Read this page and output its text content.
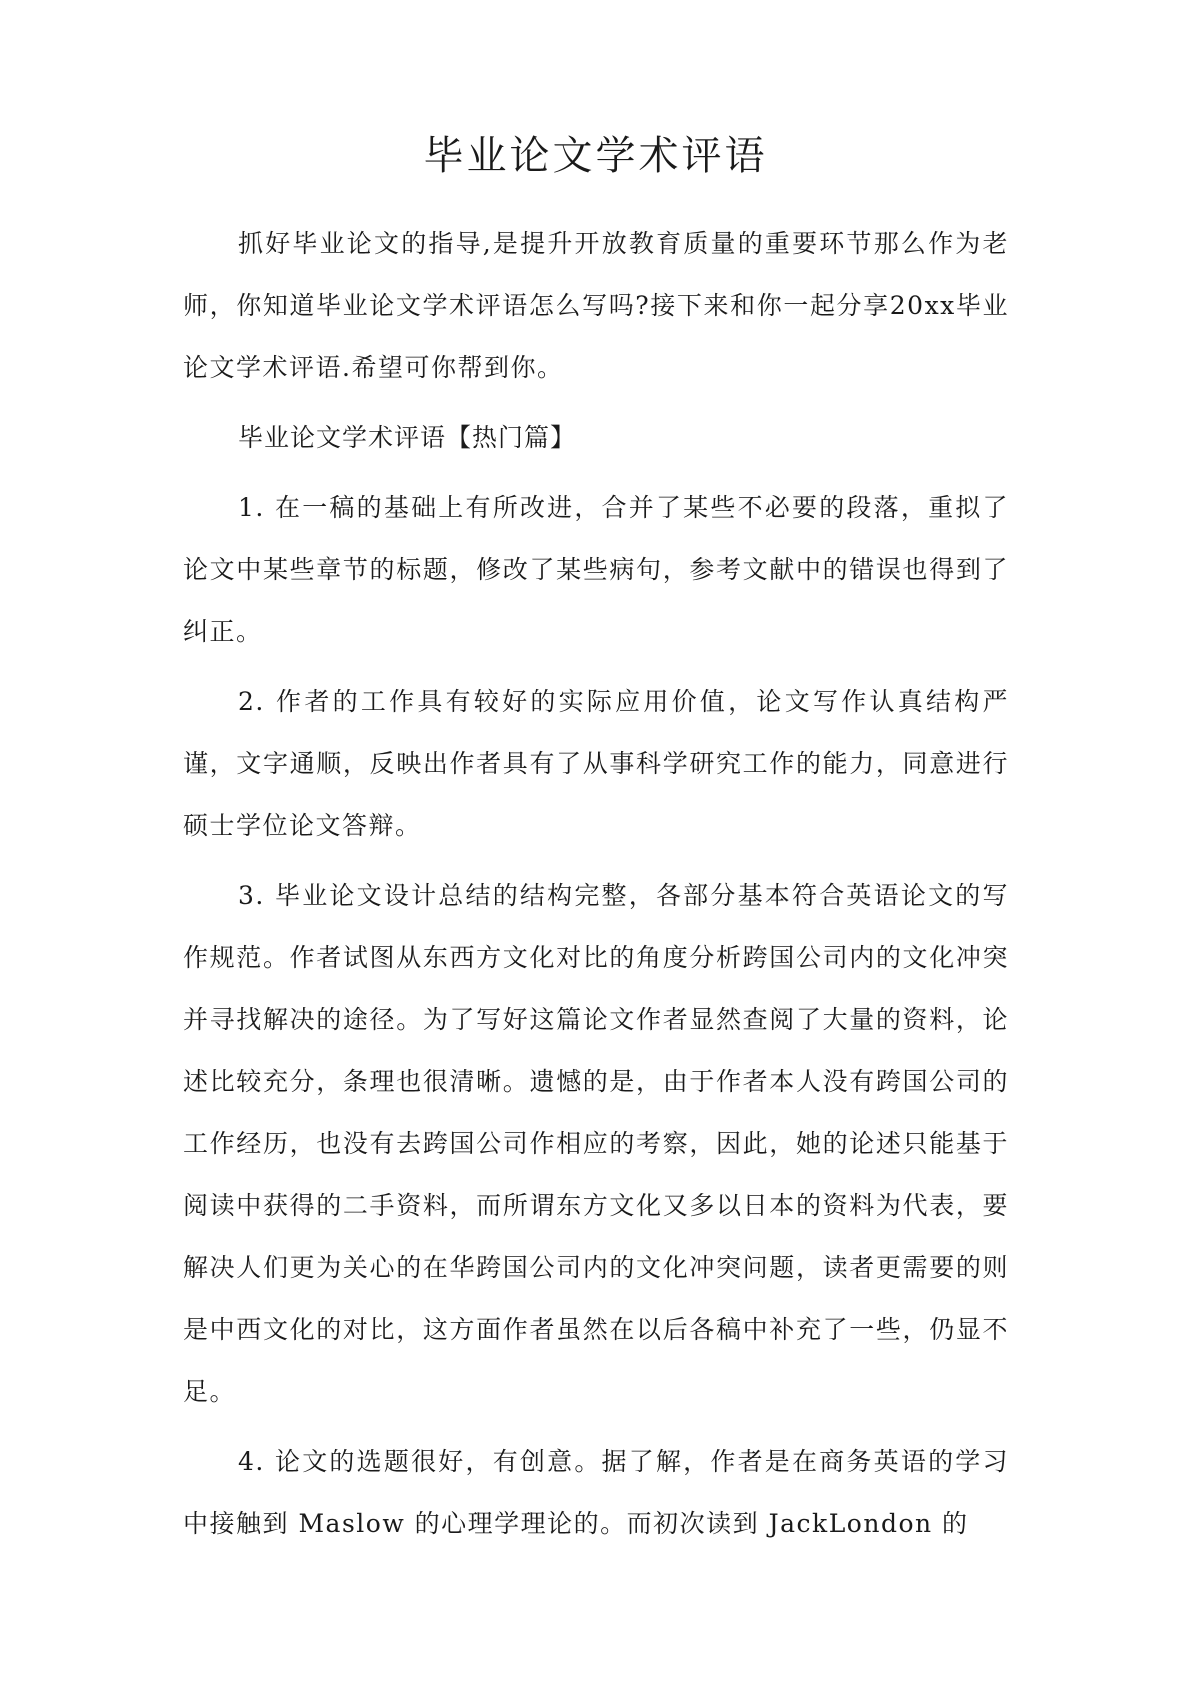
毕业论文学术评语

抓好毕业论文的指导,是提升开放教育质量的重要环节那么作为老师，你知道毕业论文学术评语怎么写吗?接下来和你一起分享20xx毕业论文学术评语.希望可你帮到你。

毕业论文学术评语【热门篇】

1. 在一稿的基础上有所改进，合并了某些不必要的段落，重拟了论文中某些章节的标题，修改了某些病句，参考文献中的错误也得到了纠正。

2. 作者的工作具有较好的实际应用价值，论文写作认真结构严谨，文字通顺，反映出作者具有了从事科学研究工作的能力，同意进行硕士学位论文答辩。

3. 毕业论文设计总结的结构完整，各部分基本符合英语论文的写作规范。作者试图从东西方文化对比的角度分析跨国公司内的文化冲突并寻找解决的途径。为了写好这篇论文作者显然查阅了大量的资料，论述比较充分，条理也很清晰。遗憾的是，由于作者本人没有跨国公司的工作经历，也没有去跨国公司作相应的考察，因此，她的论述只能基于阅读中获得的二手资料，而所谓东方文化又多以日本的资料为代表，要解决人们更为关心的在华跨国公司内的文化冲突问题，读者更需要的则是中西文化的对比，这方面作者虽然在以后各稿中补充了一些，仍显不足。

4. 论文的选题很好，有创意。据了解，作者是在商务英语的学习中接触到 Maslow 的心理学理论的。而初次读到 JackLondon 的
